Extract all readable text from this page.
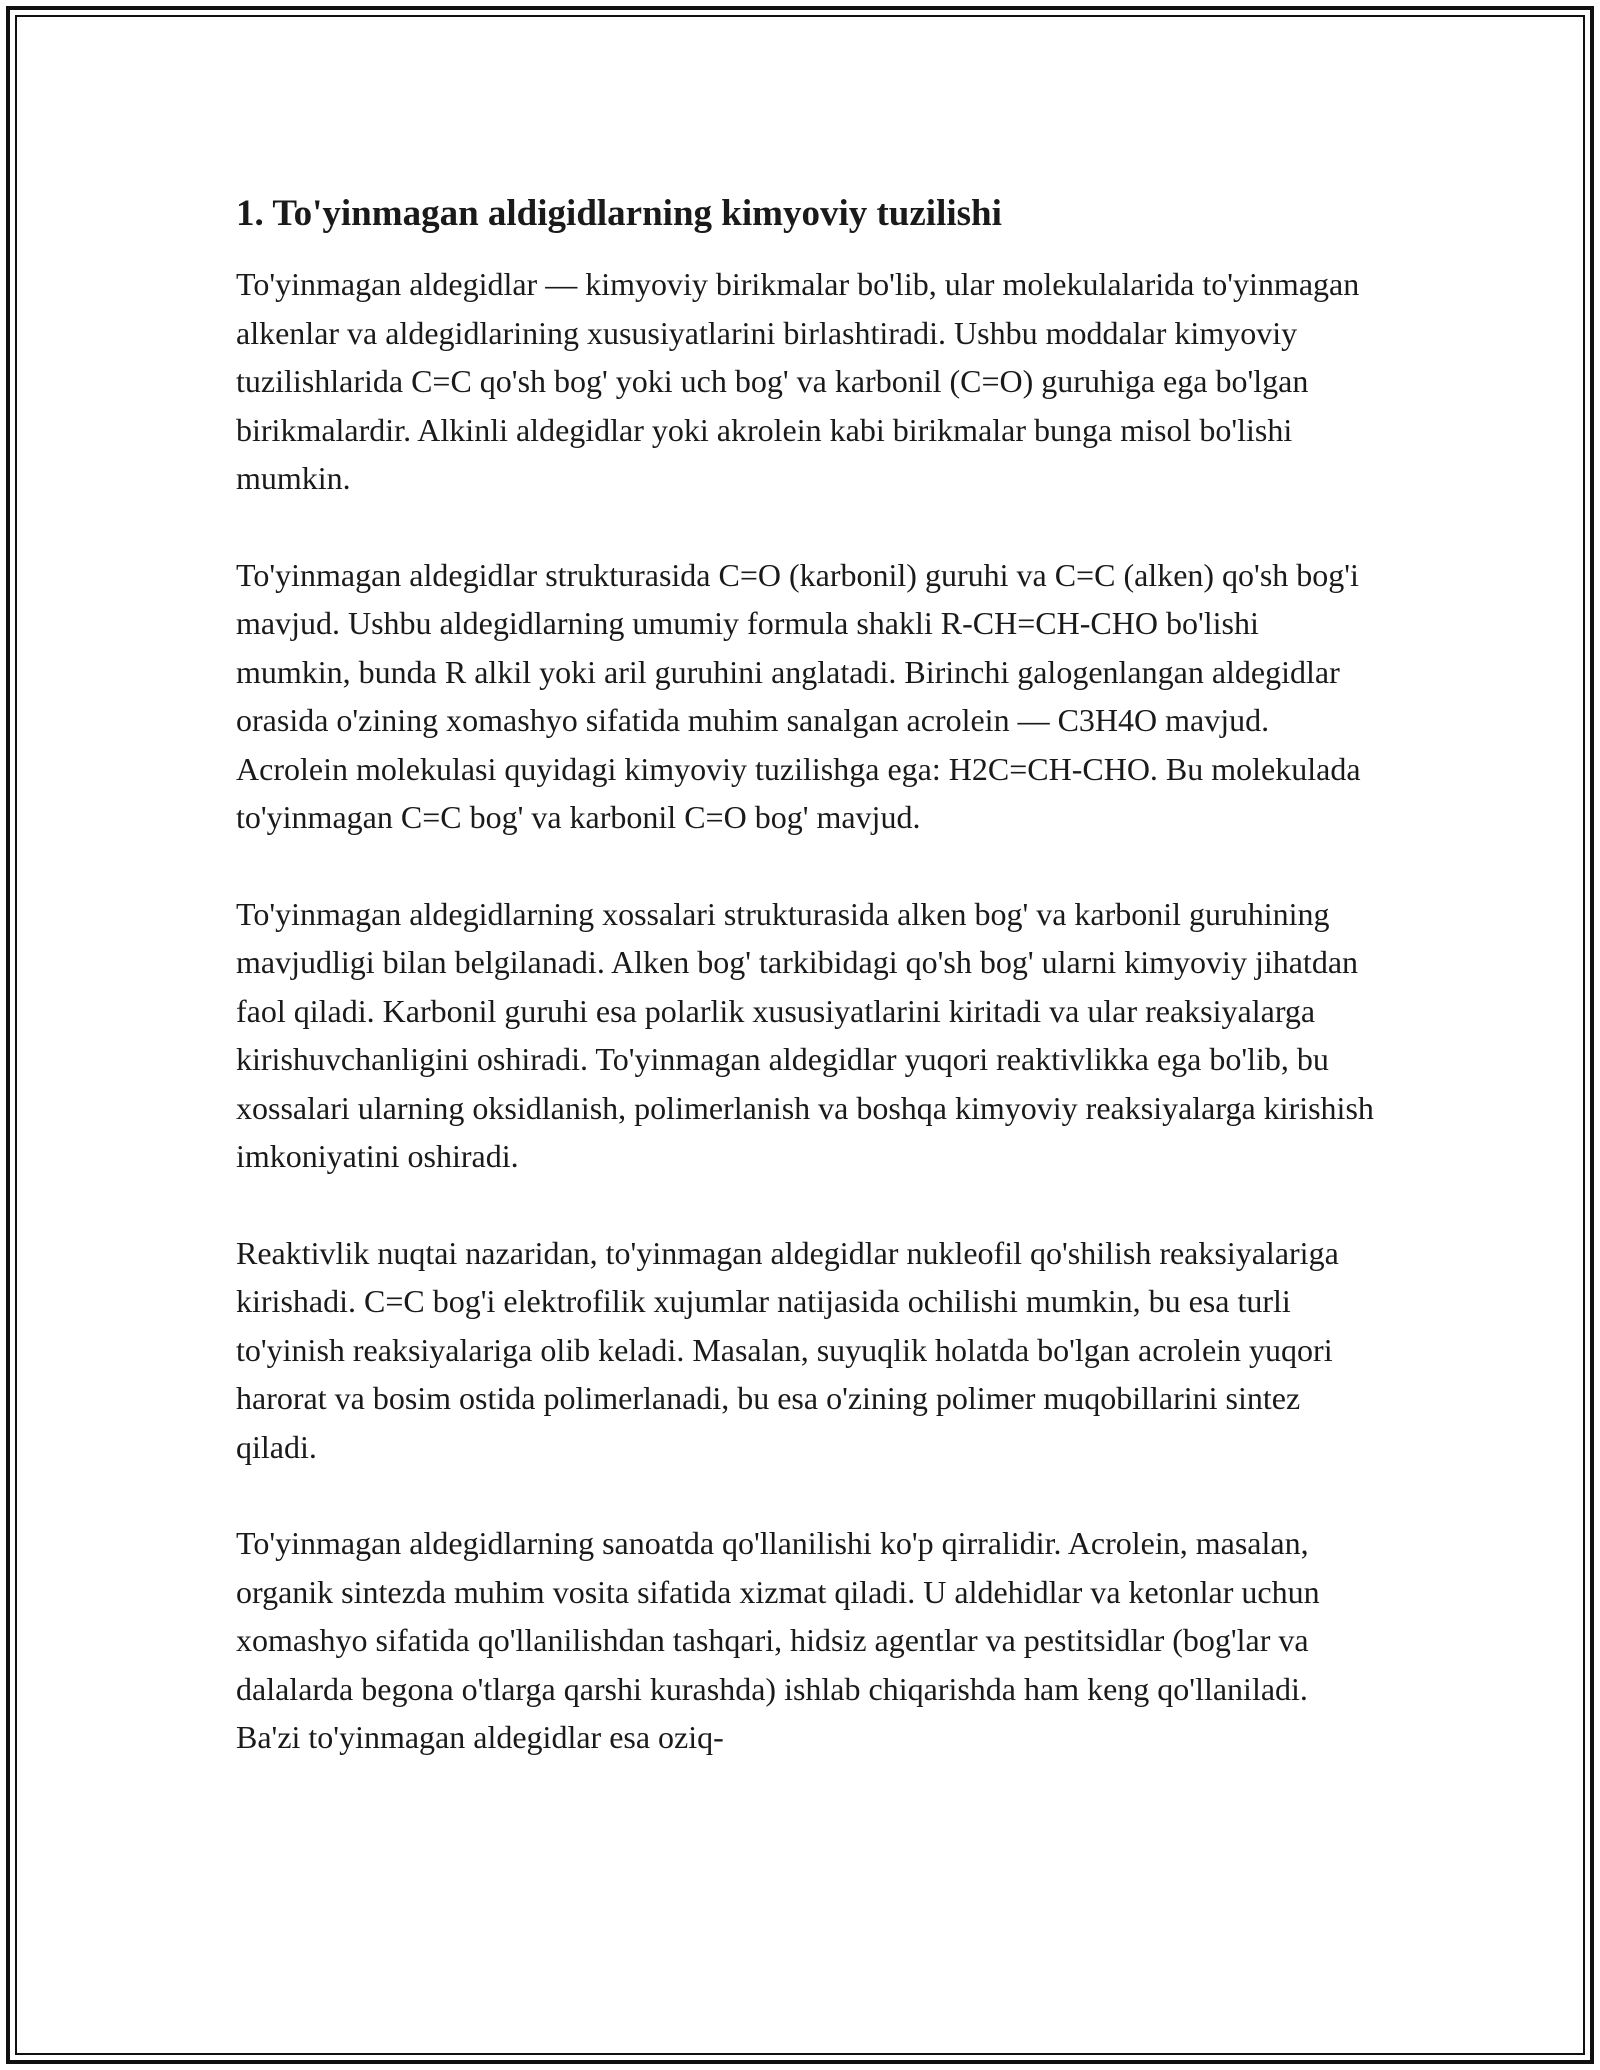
1. To'yinmagan aldigidlarning kimyoviy tuzilishi

To'yinmagan aldegidlar — kimyoviy birikmalar bo'lib, ular molekulalarida to'yinmagan alkenlar va aldegidlarining xususiyatlarini birlashtiradi. Ushbu moddalar kimyoviy tuzilishlarida C=C qo'sh bog' yoki uch bog' va karbonil (C=O) guruhiga ega bo'lgan birikmalardir. Alkinli aldegidlar yoki akrolein kabi birikmalar bunga misol bo'lishi mumkin.

To'yinmagan aldegidlar strukturasida C=O (karbonil) guruhi va C=C (alken) qo'sh bog'i mavjud. Ushbu aldegidlarning umumiy formula shakli R-CH=CH-CHO bo'lishi mumkin, bunda R alkil yoki aril guruhini anglatadi. Birinchi galogenlangan aldegidlar orasida o'zining xomashyo sifatida muhim sanalgan acrolein — C3H4O mavjud. Acrolein molekulasi quyidagi kimyoviy tuzilishga ega: H2C=CH-CHO. Bu molekulada to'yinmagan C=C bog' va karbonil C=O bog' mavjud.

To'yinmagan aldegidlarning xossalari strukturasida alken bog' va karbonil guruhining mavjudligi bilan belgilanadi. Alken bog' tarkibidagi qo'sh bog' ularni kimyoviy jihatdan faol qiladi. Karbonil guruhi esa polarlik xususiyatlarini kiritadi va ular reaksiyalarga kirishuvchanligini oshiradi. To'yinmagan aldegidlar yuqori reaktivlikka ega bo'lib, bu xossalari ularning oksidlanish, polimerlanish va boshqa kimyoviy reaksiyalarga kirishish imkoniyatini oshiradi.

Reaktivlik nuqtai nazaridan, to'yinmagan aldegidlar nukleofil qo'shilish reaksiyalariga kirishadi. C=C bog'i elektrofilik xujumlar natijasida ochilishi mumkin, bu esa turli to'yinish reaksiyalariga olib keladi. Masalan, suyuqlik holatda bo'lgan acrolein yuqori harorat va bosim ostida polimerlanadi, bu esa o'zining polimer muqobillarini sintez qiladi.

To'yinmagan aldegidlarning sanoatda qo'llanilishi ko'p qirralidir. Acrolein, masalan, organik sintezda muhim vosita sifatida xizmat qiladi. U aldehidlar va ketonlar uchun xomashyo sifatida qo'llanilishdan tashqari, hidsiz agentlar va pestitsidlar (bog'lar va dalalarda begona o'tlarga qarshi kurashda) ishlab chiqarishda ham keng qo'llaniladi. Ba'zi to'yinmagan aldegidlar esa oziq-
